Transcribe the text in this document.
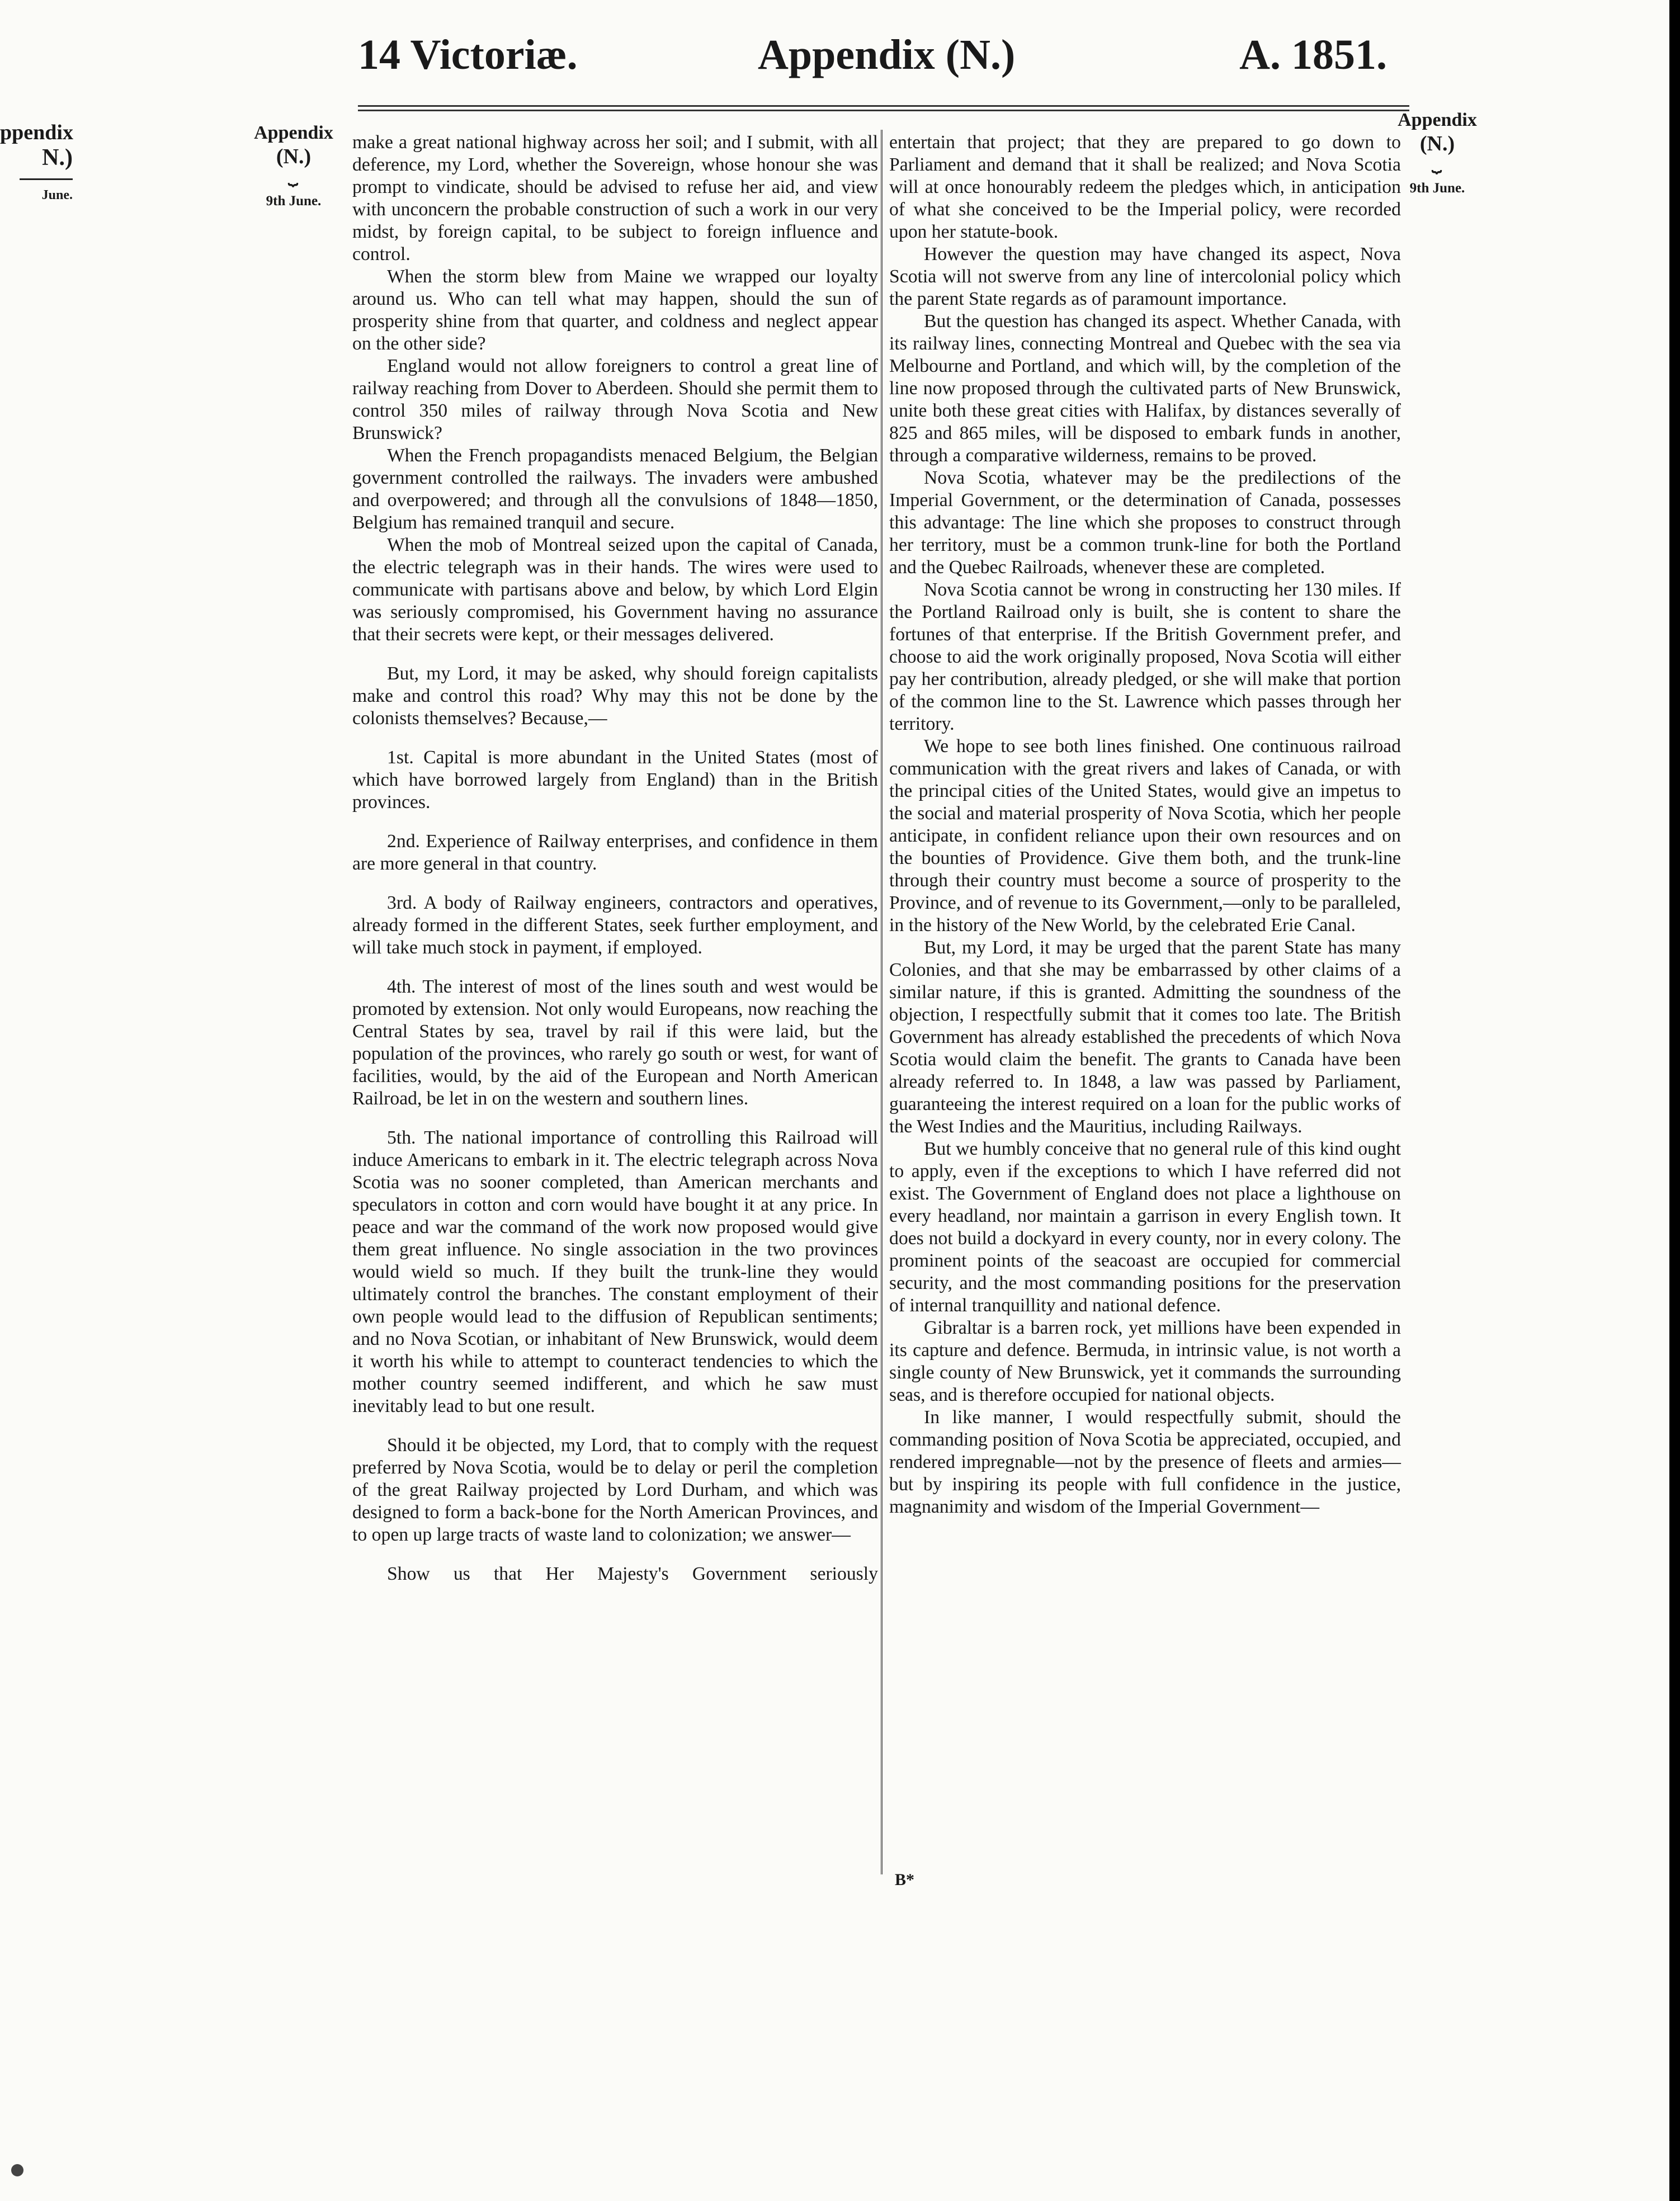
ppendix
N.)
June.
14 Victoriæ.	Appendix (N.)	A. 1851.
Appendix
(N.)
⏟
9th June.
Appendix
(N.)
⏟
9th June.

make a great national highway across her soil; and I submit, with all deference, my Lord, whether the Sovereign, whose honour she was prompt to vindicate, should be advised to refuse her aid, and view with unconcern the probable construction of such a work in our very midst, by foreign capital, to be subject to foreign influence and control.

When the storm blew from Maine we wrapped our loyalty around us. Who can tell what may happen, should the sun of prosperity shine from that quarter, and coldness and neglect appear on the other side?

England would not allow foreigners to control a great line of railway reaching from Dover to Aberdeen. Should she permit them to control 350 miles of railway through Nova Scotia and New Brunswick?

When the French propagandists menaced Belgium, the Belgian government controlled the railways. The invaders were ambushed and overpowered; and through all the convulsions of 1848—1850, Belgium has remained tranquil and secure.

When the mob of Montreal seized upon the capital of Canada, the electric telegraph was in their hands. The wires were used to communicate with partisans above and below, by which Lord Elgin was seriously compromised, his Government having no assurance that their secrets were kept, or their messages delivered.

But, my Lord, it may be asked, why should foreign capitalists make and control this road? Why may this not be done by the colonists themselves? Because,—

1st. Capital is more abundant in the United States (most of which have borrowed largely from England) than in the British provinces.

2nd. Experience of Railway enterprises, and confidence in them are more general in that country.

3rd. A body of Railway engineers, contractors and operatives, already formed in the different States, seek further employment, and will take much stock in payment, if employed.

4th. The interest of most of the lines south and west would be promoted by extension. Not only would Europeans, now reaching the Central States by sea, travel by rail if this were laid, but the population of the provinces, who rarely go south or west, for want of facilities, would, by the aid of the European and North American Railroad, be let in on the western and southern lines.

5th. The national importance of controlling this Railroad will induce Americans to embark in it. The electric telegraph across Nova Scotia was no sooner completed, than American merchants and speculators in cotton and corn would have bought it at any price. In peace and war the command of the work now proposed would give them great influence. No single association in the two provinces would wield so much. If they built the trunk-line they would ultimately control the branches. The constant employment of their own people would lead to the diffusion of Republican sentiments; and no Nova Scotian, or inhabitant of New Brunswick, would deem it worth his while to attempt to counteract tendencies to which the mother country seemed indifferent, and which he saw must inevitably lead to but one result.

Should it be objected, my Lord, that to comply with the request preferred by Nova Scotia, would be to delay or peril the completion of the great Railway projected by Lord Durham, and which was designed to form a back-bone for the North American Provinces, and to open up large tracts of waste land to colonization; we answer—

Show us that Her Majesty's Government seriously

entertain that project; that they are prepared to go down to Parliament and demand that it shall be realized; and Nova Scotia will at once honourably redeem the pledges which, in anticipation of what she conceived to be the Imperial policy, were recorded upon her statute-book.

However the question may have changed its aspect, Nova Scotia will not swerve from any line of intercolonial policy which the parent State regards as of paramount importance.

But the question has changed its aspect. Whether Canada, with its railway lines, connecting Montreal and Quebec with the sea via Melbourne and Portland, and which will, by the completion of the line now proposed through the cultivated parts of New Brunswick, unite both these great cities with Halifax, by distances severally of 825 and 865 miles, will be disposed to embark funds in another, through a comparative wilderness, remains to be proved.

Nova Scotia, whatever may be the predilections of the Imperial Government, or the determination of Canada, possesses this advantage: The line which she proposes to construct through her territory, must be a common trunk-line for both the Portland and the Quebec Railroads, whenever these are completed.

Nova Scotia cannot be wrong in constructing her 130 miles. If the Portland Railroad only is built, she is content to share the fortunes of that enterprise. If the British Government prefer, and choose to aid the work originally proposed, Nova Scotia will either pay her contribution, already pledged, or she will make that portion of the common line to the St. Lawrence which passes through her territory.

We hope to see both lines finished. One continuous railroad communication with the great rivers and lakes of Canada, or with the principal cities of the United States, would give an impetus to the social and material prosperity of Nova Scotia, which her people anticipate, in confident reliance upon their own resources and on the bounties of Providence. Give them both, and the trunk-line through their country must become a source of prosperity to the Province, and of revenue to its Government,—only to be paralleled, in the history of the New World, by the celebrated Erie Canal.

But, my Lord, it may be urged that the parent State has many Colonies, and that she may be embarrassed by other claims of a similar nature, if this is granted. Admitting the soundness of the objection, I respectfully submit that it comes too late. The British Government has already established the precedents of which Nova Scotia would claim the benefit. The grants to Canada have been already referred to. In 1848, a law was passed by Parliament, guaranteeing the interest required on a loan for the public works of the West Indies and the Mauritius, including Railways.

But we humbly conceive that no general rule of this kind ought to apply, even if the exceptions to which I have referred did not exist. The Government of England does not place a lighthouse on every headland, nor maintain a garrison in every English town. It does not build a dockyard in every county, nor in every colony. The prominent points of the seacoast are occupied for commercial security, and the most commanding positions for the preservation of internal tranquillity and national defence.

Gibraltar is a barren rock, yet millions have been expended in its capture and defence. Bermuda, in intrinsic value, is not worth a single county of New Brunswick, yet it commands the surrounding seas, and is therefore occupied for national objects.

In like manner, I would respectfully submit, should the commanding position of Nova Scotia be appreciated, occupied, and rendered impregnable—not by the presence of fleets and armies—but by inspiring its people with full confidence in the justice, magnanimity and wisdom of the Imperial Government—

B*
